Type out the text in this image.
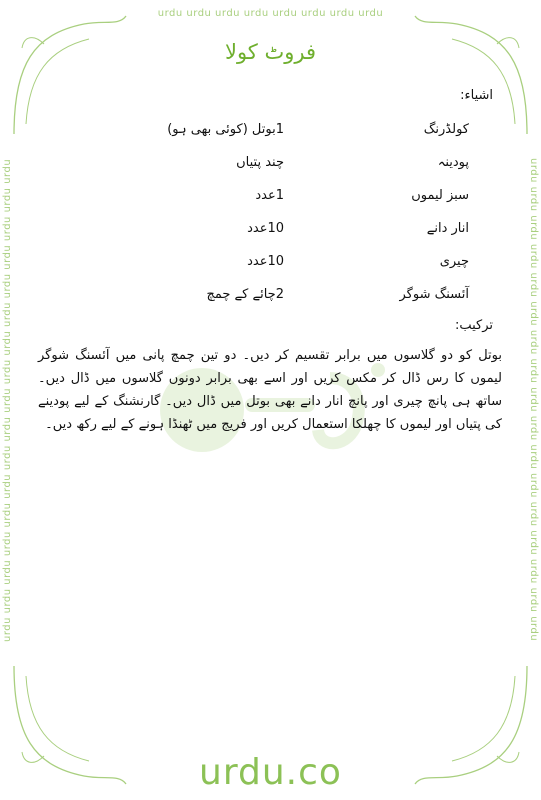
urdu urdu urdu urdu urdu urdu urdu urdu
urdu urdu urdu urdu urdu urdu urdu urdu urdu urdu urdu urdu urdu urdu urdu urdu urdu	urdu urdu urdu urdu urdu urdu urdu urdu urdu urdu urdu urdu urdu urdu urdu urdu urdu
فروٹ کولا
اشیاء:
کولڈرنگ
1بوتل (کوئی بھی ہو)
پودینہ
چند پتیاں
سبز لیموں
1عدد
انار دانے
10عدد
چیری
10عدد
آئسنگ شوگر
2چائے کے چمچ
ترکیب:
بوتل کو دو گلاسوں میں برابر تقسیم کر دیں۔ دو تین چمچ پانی میں آئسنگ شوگر لیموں کا رس ڈال کر مکس کریں اور اسے بھی برابر دونوں گلاسوں میں ڈال دیں۔ ساتھ ہی پانچ چیری اور پانچ انار دانے بھی بوتل میں ڈال دیں۔ گارنشنگ کے لیے پودینے کی پتیاں اور لیموں کا چھلکا استعمال کریں اور فریج میں ٹھنڈا ہونے کے لیے رکھ دیں۔
urdu.co
